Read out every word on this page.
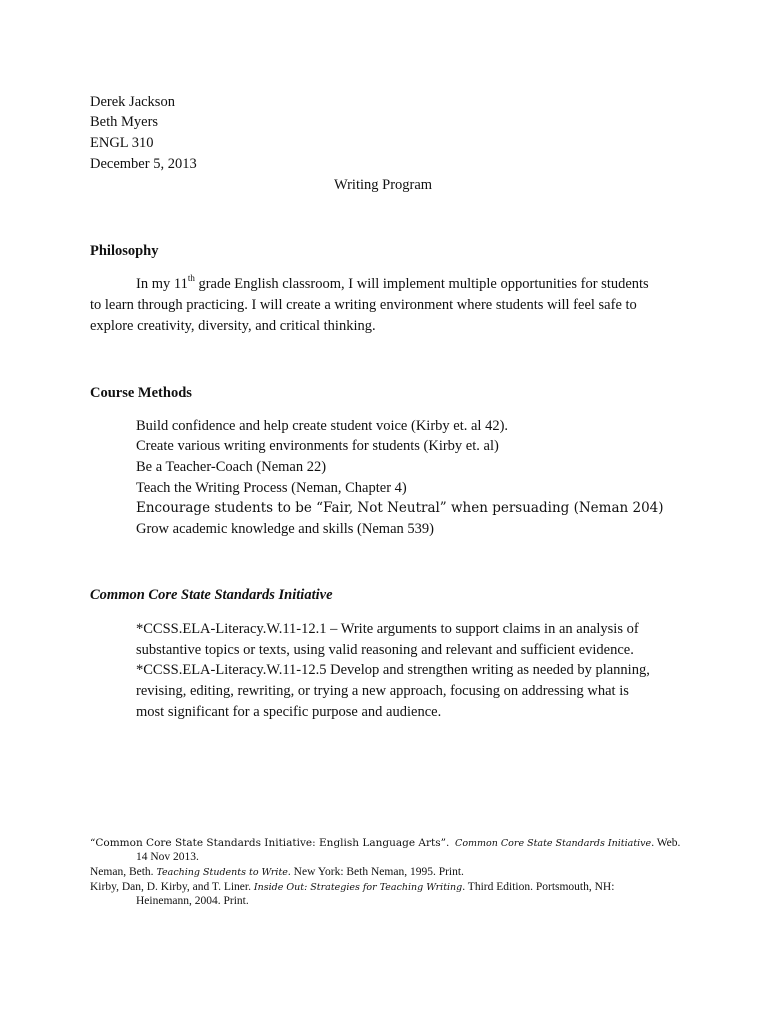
Derek Jackson
Beth Myers
ENGL 310
December 5, 2013
Writing Program
Philosophy
In my 11th grade English classroom, I will implement multiple opportunities for students
to learn through practicing. I will create a writing environment where students will feel safe to
explore creativity, diversity, and critical thinking.
Course Methods
Build confidence and help create student voice (Kirby et. al 42).
Create various writing environments for students (Kirby et. al)
Be a Teacher-Coach (Neman 22)
Teach the Writing Process (Neman, Chapter 4)
Encourage students to be “Fair, Not Neutral” when persuading (Neman 204)
Grow academic knowledge and skills (Neman 539)
Common Core State Standards Initiative
*CCSS.ELA-Literacy.W.11-12.1 – Write arguments to support claims in an analysis of
substantive topics or texts, using valid reasoning and relevant and sufficient evidence.
*CCSS.ELA-Literacy.W.11-12.5 Develop and strengthen writing as needed by planning,
revising, editing, rewriting, or trying a new approach, focusing on addressing what is
most significant for a specific purpose and audience.
“Common Core State Standards Initiative: English Language Arts”. Common Core State Standards Initiative. Web.
14 Nov 2013.
Neman, Beth. Teaching Students to Write. New York: Beth Neman, 1995. Print.
Kirby, Dan, D. Kirby, and T. Liner. Inside Out: Strategies for Teaching Writing. Third Edition. Portsmouth, NH:
Heinemann, 2004. Print.
